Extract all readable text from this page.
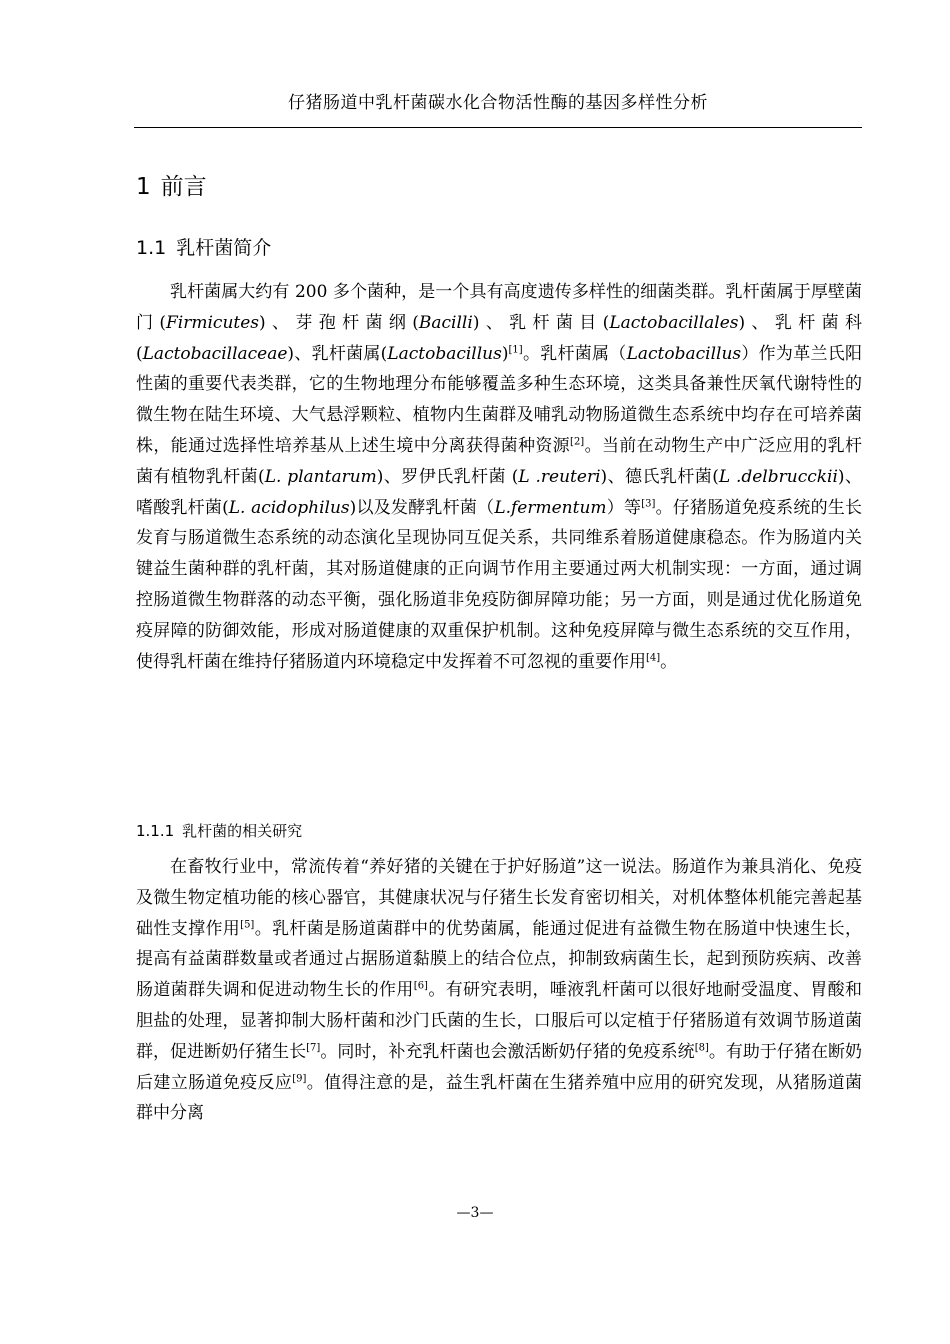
仔猪肠道中乳杆菌碳水化合物活性酶的基因多样性分析
1 前言
1.1 乳杆菌简介

乳杆菌属大约有 200 多个菌种，是一个具有高度遗传多样性的细菌类群。乳杆菌属于厚壁菌门(Firmicutes)、芽孢杆菌纲(Bacilli)、乳杆菌目(Lactobacillales)、乳杆菌科(Lactobacillaceae)、乳杆菌属(Lactobacillus)[1]。乳杆菌属（Lactobacillus）作为革兰氏阳性菌的重要代表类群，它的生物地理分布能够覆盖多种生态环境，这类具备兼性厌氧代谢特性的微生物在陆生环境、大气悬浮颗粒、植物内生菌群及哺乳动物肠道微生态系统中均存在可培养菌株，能通过选择性培养基从上述生境中分离获得菌种资源[2]。当前在动物生产中广泛应用的乳杆菌有植物乳杆菌(L. plantarum)、罗伊氏乳杆菌 (L .reuteri)、德氏乳杆菌(L .delbrucckii)、嗜酸乳杆菌(L. acidophilus)以及发酵乳杆菌（L.fermentum）等[3]。仔猪肠道免疫系统的生长发育与肠道微生态系统的动态演化呈现协同互促关系，共同维系着肠道健康稳态。作为肠道内关键益生菌种群的乳杆菌，其对肠道健康的正向调节作用主要通过两大机制实现：一方面，通过调控肠道微生物群落的动态平衡，强化肠道非免疫防御屏障功能；另一方面，则是通过优化肠道免疫屏障的防御效能，形成对肠道健康的双重保护机制。这种免疫屏障与微生态系统的交互作用，使得乳杆菌在维持仔猪肠道内环境稳定中发挥着不可忽视的重要作用[4]。

1.1.1 乳杆菌的相关研究

在畜牧行业中，常流传着“养好猪的关键在于护好肠道”这一说法。肠道作为兼具消化、免疫及微生物定植功能的核心器官，其健康状况与仔猪生长发育密切相关，对机体整体机能完善起基础性支撑作用[5]。乳杆菌是肠道菌群中的优势菌属，能通过促进有益微生物在肠道中快速生长，提高有益菌群数量或者通过占据肠道黏膜上的结合位点，抑制致病菌生长，起到预防疾病、改善肠道菌群失调和促进动物生长的作用[6]。有研究表明，唾液乳杆菌可以很好地耐受温度、胃酸和胆盐的处理，显著抑制大肠杆菌和沙门氏菌的生长，口服后可以定植于仔猪肠道有效调节肠道菌群，促进断奶仔猪生长[7]。同时，补充乳杆菌也会激活断奶仔猪的免疫系统[8]。有助于仔猪在断奶后建立肠道免疫反应[9]。值得注意的是，益生乳杆菌在生猪养殖中应用的研究发现，从猪肠道菌群中分离

—3—
